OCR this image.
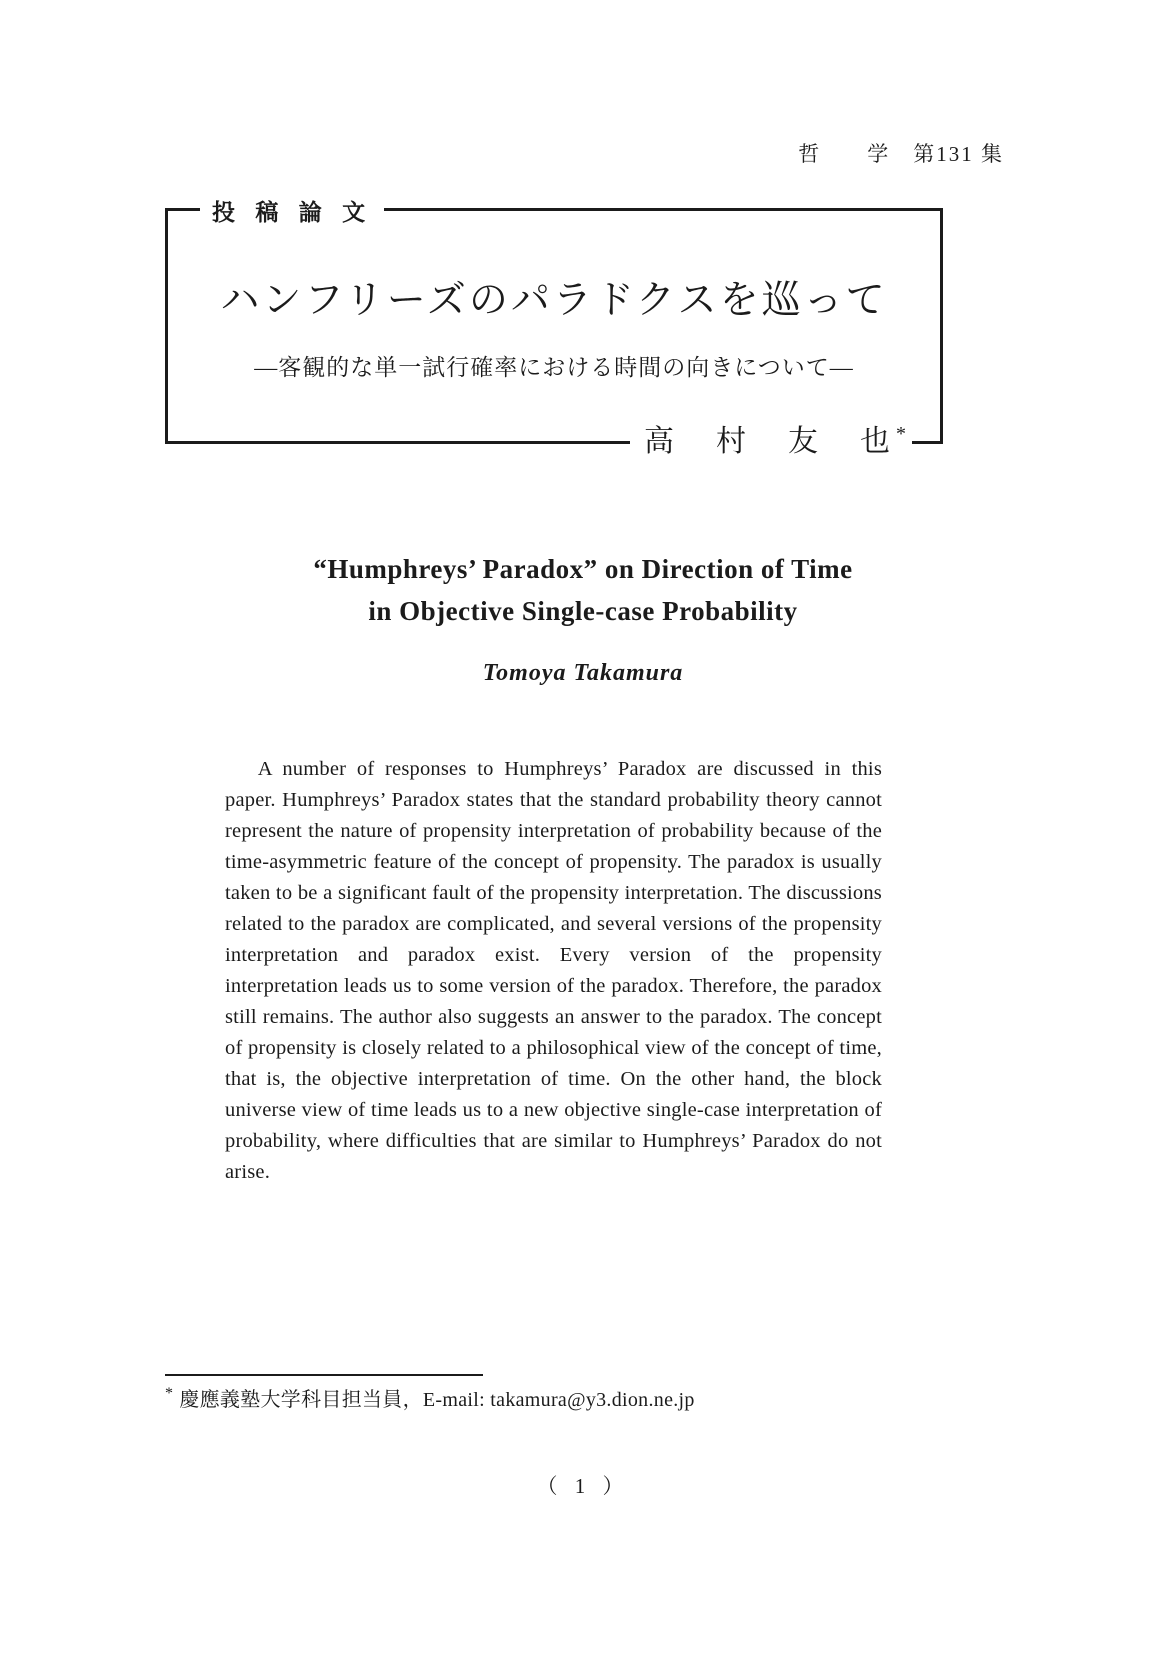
哲　　学　第131 集
投 稿 論 文
ハンフリーズのパラドクスを巡って
―客観的な単一試行確率における時間の向きについて―
高　村　友　也*
“Humphreys’ Paradox” on Direction of Time
in Objective Single-case Probability
Tomoya Takamura

A number of responses to Humphreys’ Paradox are discussed in this paper. Humphreys’ Paradox states that the standard probability theory cannot represent the nature of propensity interpretation of probability because of the time-asymmetric feature of the concept of propensity. The paradox is usually taken to be a significant fault of the propensity interpretation. The discussions related to the paradox are complicated, and several versions of the propensity interpretation and paradox exist. Every version of the propensity interpretation leads us to some version of the paradox. Therefore, the paradox still remains. The author also suggests an answer to the paradox. The concept of propensity is closely related to a philosophical view of the concept of time, that is, the objective interpretation of time. On the other hand, the block universe view of time leads us to a new objective single-case interpretation of probability, where difficulties that are similar to Humphreys’ Paradox do not arise.

* 慶應義塾大学科目担当員，E-mail: takamura@y3.dion.ne.jp
（ 1 ）
